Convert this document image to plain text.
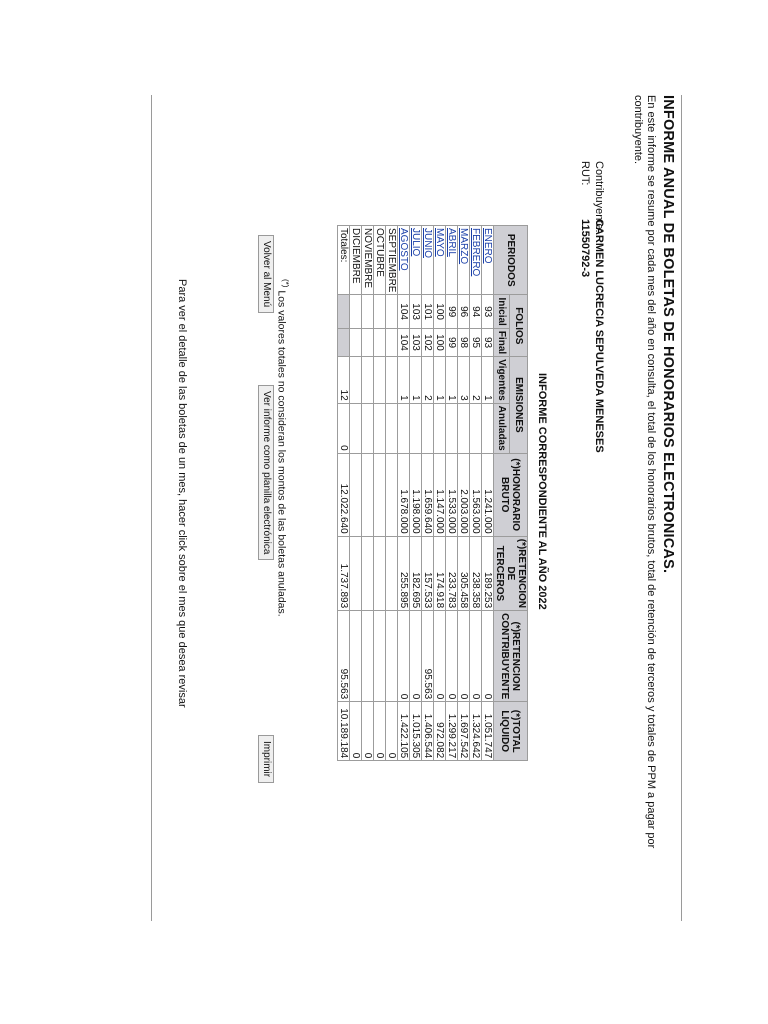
INFORME ANUAL DE BOLETAS DE HONORARIOS ELECTRONICAS.
En este informe se resume por cada mes del año en consulta, el total de los honorarios brutos, total de retención de terceros y totales de PPM a pagar por contribuyente.
Contribuyente:CARMEN LUCRECIA SEPULVEDA MENESES
RUT:11550792-3
INFORME CORRESPONDIENTE AL AÑO 2022
PERIODOS	FOLIOS		EMISIONES		(*)HONORARIO BRUTO	(*)RETENCION DE TERCEROS	(*)RETENCION CONTRIBUYENTE	(*)TOTAL LIQUIDO
	Inicial	Final	Vigentes	Anuladas				
ENERO	93	93	1		1.241.000	189.253	0	1.051.747
FEBRERO	94	95	2		1.563.000	238.358	0	1.324.642
MARZO	96	98	3		2.003.000	305.458	0	1.697.542
ABRIL	99	99	1		1.533.000	233.783	0	1.299.217
MAYO	100	100	1		1.147.000	174.918	0	972.082
JUNIO	101	102	2		1.659.640	157.533	95.563	1.406.544
JULIO	103	103	1		1.198.000	182.695	0	1.015.305
AGOSTO	104	104	1		1.678.000	255.895	0	1.422.105
SEPTIEMBRE								0
OCTUBRE								0
NOVIEMBRE								0
DICIEMBRE								0
Totales:			12	0	12.022.640	1.737.893	95.563	10.189.184
(*) Los valores totales no consideran los montos de las boletas anuladas.
Volver al Menú
Ver informe como planilla electrónica
Imprimir
Para ver el detalle de las boletas de un mes, hacer click sobre el mes que desea revisar
